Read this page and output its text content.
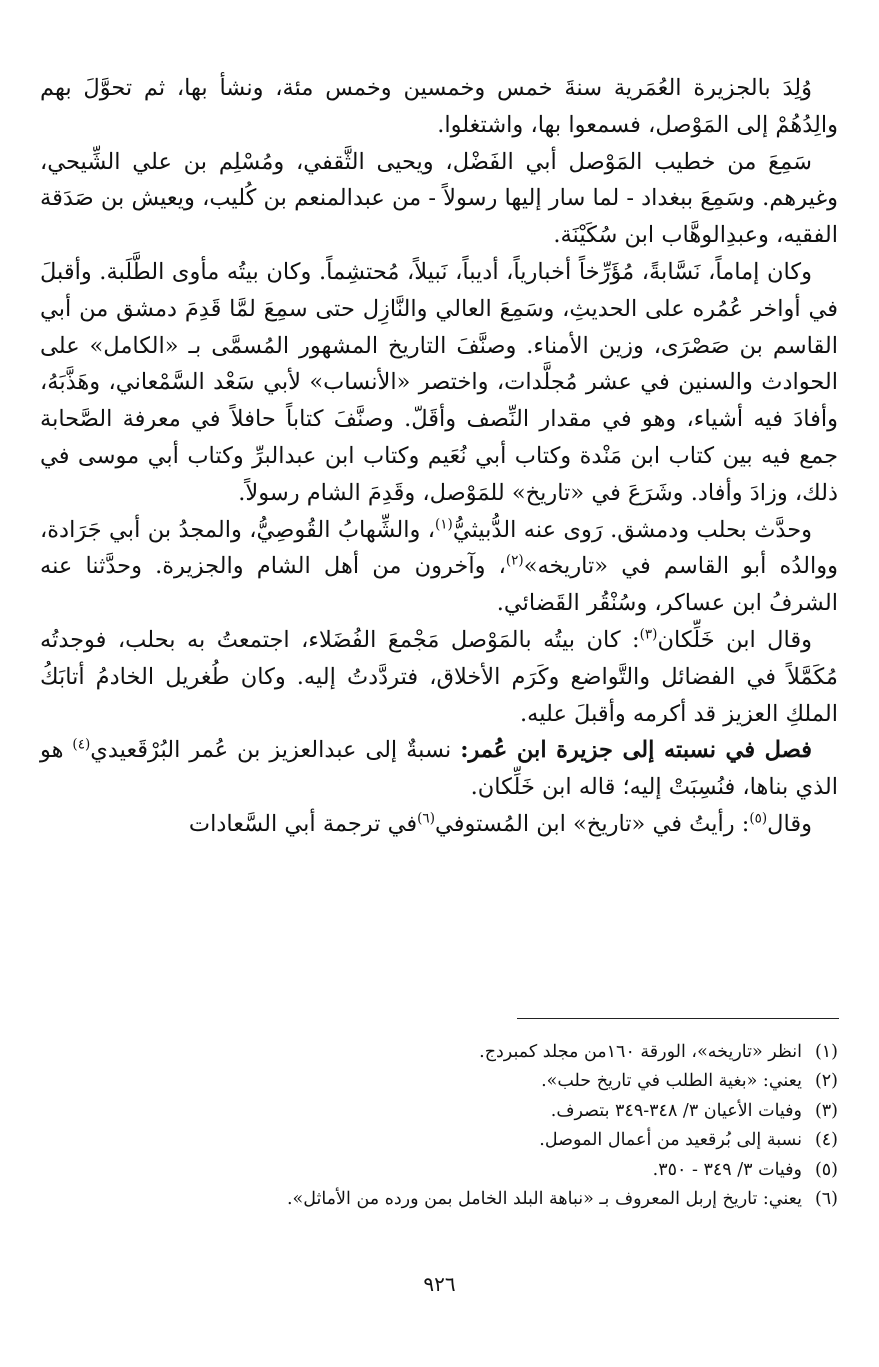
وُلِدَ بالجزيرة العُمَرية سنةَ خمس وخمسين وخمس مئة، ونشأ بها، ثم تحوَّلَ بهم والِدُهُمْ إلى المَوْصل، فسمعوا بها، واشتغلوا.

سَمِعَ من خطيب المَوْصل أبي الفَضْل، ويحيى الثَّقفي، ومُسْلِم بن علي الشِّيحي، وغيرهم. وسَمِعَ ببغداد - لما سار إليها رسولاً - من عبدالمنعم بن كُليب، ويعيش بن صَدَقة الفقيه، وعبدِالوهَّاب ابن سُكَيْنَة.

وكان إماماً، نَسَّابةً، مُؤَرِّخاً أخبارياً، أديباً، نَبيلاً، مُحتشِماً. وكان بيتُه مأوى الطَّلَبة. وأقبلَ في أواخر عُمُره على الحديثِ، وسَمِعَ العالي والنَّازِل حتى سمِعَ لمَّا قَدِمَ دمشق من أبي القاسم بن صَصْرَى، وزين الأمناء. وصنَّفَ التاريخ المشهور المُسمَّى بـ «الكامل» على الحوادث والسنين في عشر مُجلَّدات، واختصر «الأنساب» لأبي سَعْد السَّمْعاني، وهَذَّبَهُ، وأفادَ فيه أشياء، وهو في مقدار النِّصف وأقَلّ. وصنَّفَ كتاباً حافلاً في معرفة الصَّحابة جمع فيه بين كتاب ابن مَنْدة وكتاب أبي نُعَيم وكتاب ابن عبدالبرِّ وكتاب أبي موسى في ذلك، وزادَ وأفاد. وشَرَعَ في «تاريخ» للمَوْصل، وقَدِمَ الشام رسولاً.

وحدَّث بحلب ودمشق. رَوى عنه الدُّبيثيُّ$^{(١)}$، والشِّهابُ القُوصِيُّ، والمجدُ بن أبي جَرَادة، ووالدُه أبو القاسم في «تاريخه»$^{(٢)}$، وآخرون من أهل الشام والجزيرة. وحدَّثنا عنه الشرفُ ابن عساكر، وسُنْقُر القَضائي.

وقال ابن خَلِّكان$^{(٣)}$: كان بيتُه بالمَوْصل مَجْمعَ الفُضَلاء، اجتمعتُ به بحلب، فوجدتُه مُكَمَّلاً في الفضائل والتَّواضع وكَرَم الأخلاق، فتردَّدتُ إليه. وكان طُغريل الخادمُ أتابَكُ الملكِ العزيز قد أكرمه وأقبلَ عليه.

فصل في نسبته إلى جزيرة ابن عُمر: نسبةٌ إلى عبدالعزيز بن عُمر البُرْقَعيدي$^{(٤)}$ هو الذي بناها، فنُسِبَتْ إليه؛ قاله ابن خَلِّكان.

وقال$^{(٥)}$: رأيتُ في «تاريخ» ابن المُستوفي$^{(٦)}$في ترجمة أبي السَّعادات

(١)
انظر «تاريخه»، الورقة ١٦٠من مجلد كمبردج.
(٢)
يعني: «بغية الطلب في تاريخ حلب».
(٣)
وفيات الأعيان ٣/ ٣٤٨-٣٤٩ بتصرف.
(٤)
نسبة إلى بُرقعيد من أعمال الموصل.
(٥)
وفيات ٣/ ٣٤٩ - ٣٥٠.
(٦)
يعني: تاريخ إربل المعروف بـ «نباهة البلد الخامل بمن ورده من الأماثل».
٩٢٦
